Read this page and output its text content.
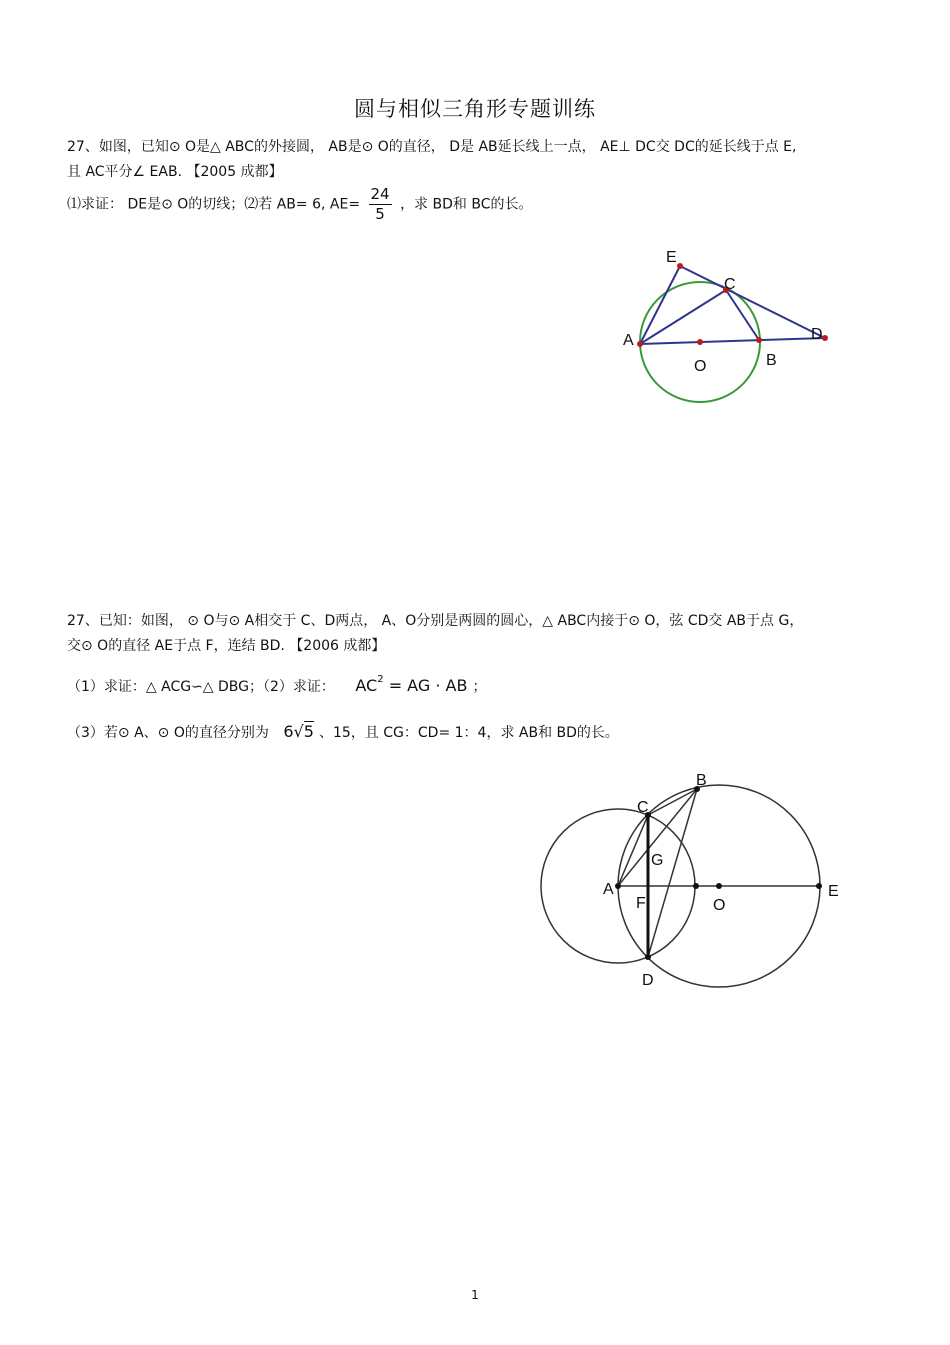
圆与相似三角形专题训练
27、如图，已知⊙ O是△ ABC的外接圆， AB是⊙ O的直径， D是 AB延长线上一点， AE⊥ DC交 DC的延长线于点 E,
且 AC平分∠ EAB. 【2005 成都】
⑴求证： DE是⊙ O的切线；⑵若 AB= 6, $AE= \frac{24}{5}$ ，求 BD和 BC的长。
E
C
A	D
O	B
27、已知：如图， ⊙ O与⊙ A相交于 C、D两点， A、O分别是两圆的圆心，△ ABC内接于⊙ O，弦 CD交 AB于点 G，
交⊙ O的直径 AE于点 F，连结 BD. 【2006 成都】
（1）求证：△ ACG∽△ DBG；（2）求证： $AC^2$ = AG · AB ；
（3）若⊙ A、⊙ O的直径分别为 6√5 、15，且 CG：CD= 1：4，求 AB和 BD的长。
B
C
G
A
F	O
E
D
1
